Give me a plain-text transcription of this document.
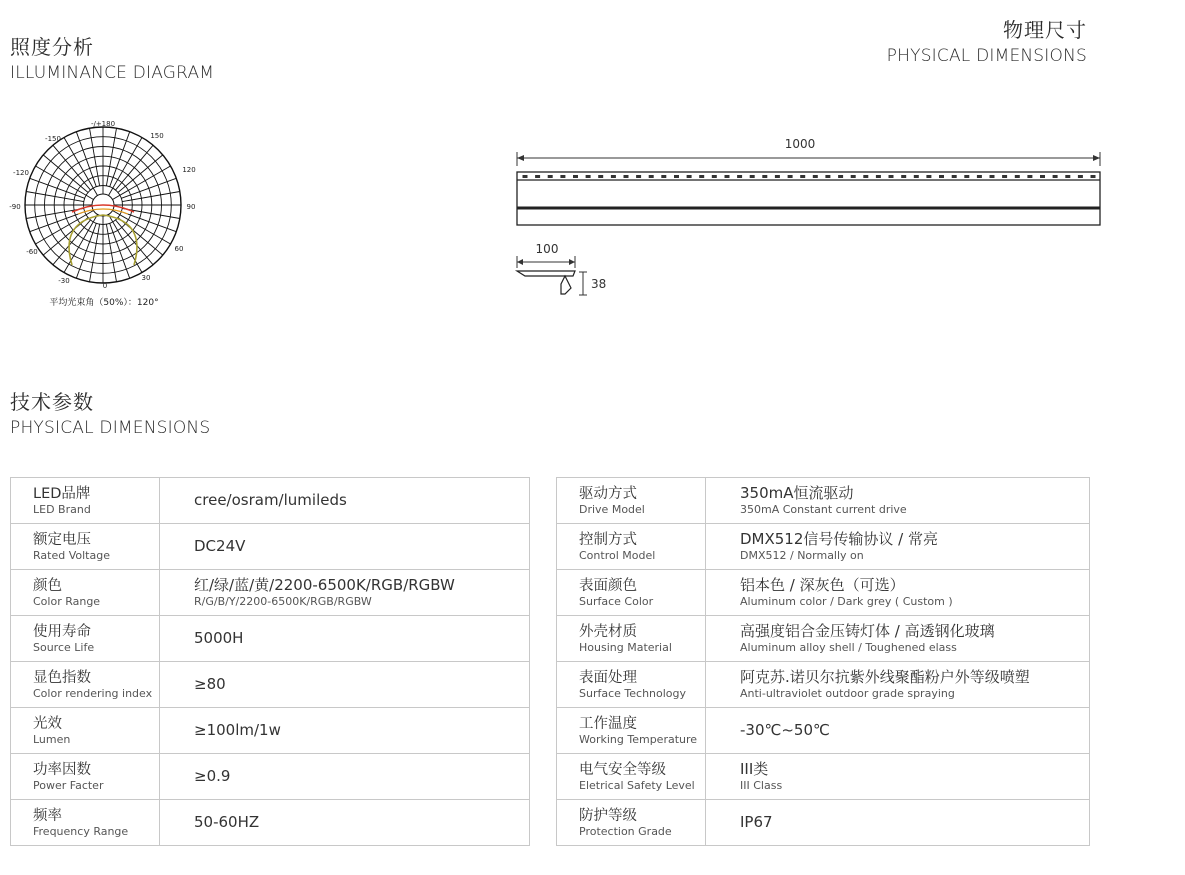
照度分析
ILLUMINANCE DIAGRAM
物理尺寸
PHYSICAL DIMENSIONS
技术参数
PHYSICAL DIMENSIONS
-/+180
150
-150
120
-120
90
-90
60
-60
30
-30
0
平均光束角（50%）：120°
1000
100
38
LED品牌
LED Brand	cree/osram/lumileds

额定电压
Rated Voltage	DC24V

颜色
Color Range	红/绿/蓝/黄/2200-6500K/RGB/RGBW
R/G/B/Y/2200-6500K/RGB/RGBW

使用寿命
Source Life	5000H

显色指数
Color rendering index	≥80

光效
Lumen	≥100lm/1w

功率因数
Power Facter	≥0.9

频率
Frequency Range	50-60HZ
驱动方式
Drive Model	350mA恒流驱动
350mA Constant current drive

控制方式
Control Model	DMX512信号传输协议 / 常亮
DMX512 / Normally on

表面颜色
Surface Color	铝本色 / 深灰色（可选）
Aluminum color / Dark grey ( Custom )

外壳材质
Housing Material	高强度铝合金压铸灯体 / 高透钢化玻璃
Aluminum alloy shell / Toughened elass

表面处理
Surface Technology	阿克苏.诺贝尔抗紫外线聚酯粉户外等级喷塑
Anti-ultraviolet outdoor grade spraying

工作温度
Working Temperature	-30℃~50℃

电气安全等级
Eletrical Safety Level	III类
III Class

防护等级
Protection Grade	IP67
